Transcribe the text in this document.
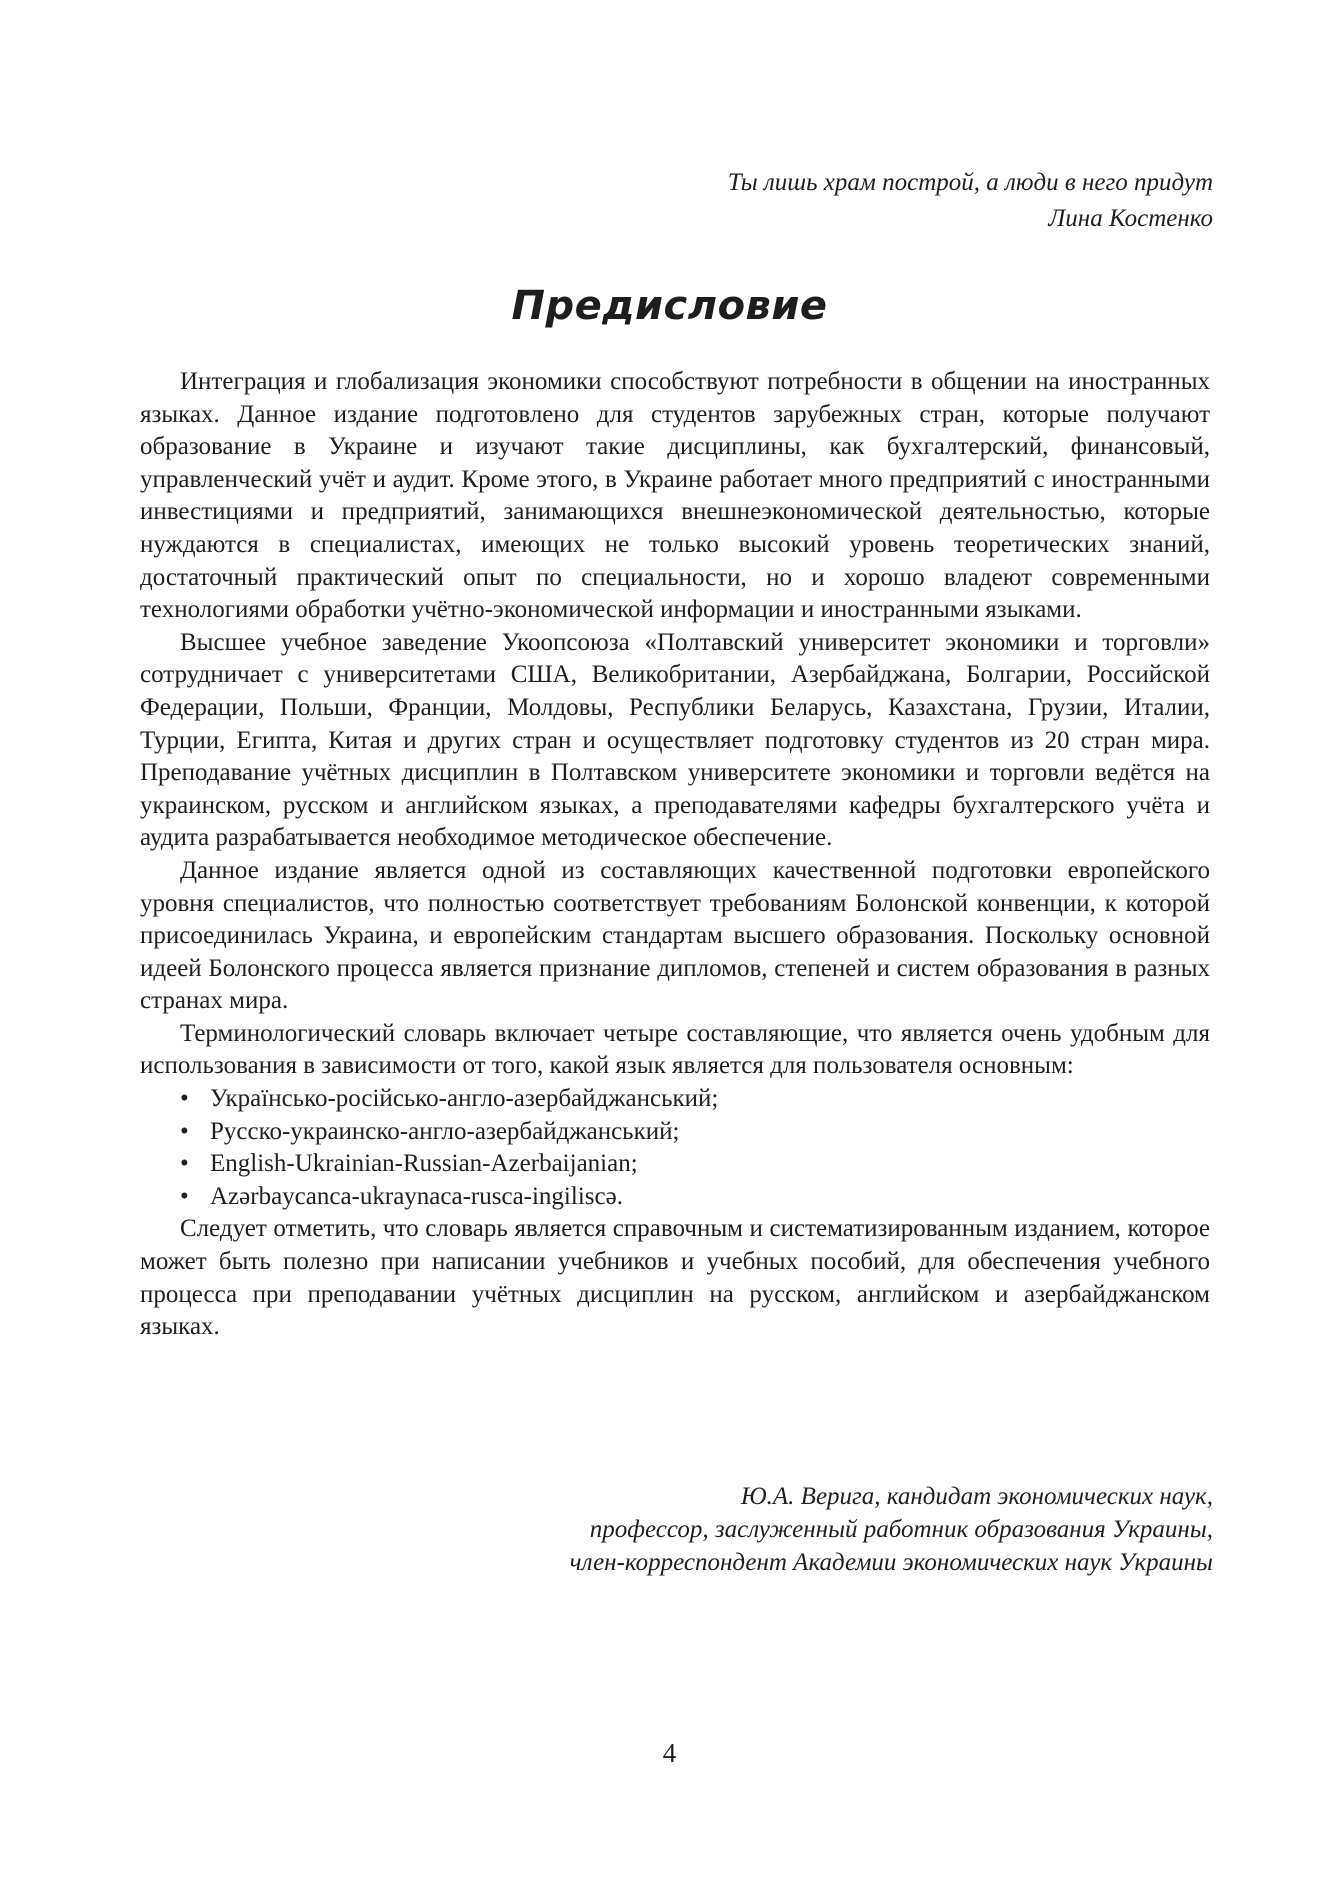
Ты лишь храм построй, а люди в него придут
Лина Костенко
Предисловие

Интеграция и глобализация экономики способствуют потребности в общении на иностранных языках. Данное издание подготовлено для студентов зарубежных стран, которые получают образование в Украине и изучают такие дисциплины, как бухгалтерский, финансовый, управленческий учёт и аудит. Кроме этого, в Украине работает много предприятий с иностранными инвестициями и предприятий, занимающихся внешнеэкономической деятельностью, которые нуждаются в специалистах, имеющих не только высокий уровень теоретических знаний, достаточный практический опыт по специальности, но и хорошо владеют современными технологиями обработки учётно-экономической информации и иностранными языками.

Высшее учебное заведение Укоопсоюза «Полтавский университет экономики и торговли» сотрудничает с университетами США, Великобритании, Азербайджана, Болгарии, Российской Федерации, Польши, Франции, Молдовы, Республики Беларусь, Казахстана, Грузии, Италии, Турции, Египта, Китая и других стран и осуществляет подготовку студентов из 20 стран мира. Преподавание учётных дисциплин в Полтавском университете экономики и торговли ведётся на украинском, русском и английском языках, а преподавателями кафедры бухгалтерского учёта и аудита разрабатывается необходимое методическое обеспечение.

Данное издание является одной из составляющих качественной подготовки европейского уровня специалистов, что полностью соответствует требованиям Болонской конвенции, к которой присоединилась Украина, и европейским стандартам высшего образования. Поскольку основной идеей Болонского процесса является признание дипломов, степеней и систем образования в разных странах мира.

Терминологический словарь включает четыре составляющие, что является очень удобным для использования в зависимости от того, какой язык является для пользователя основным:

• Українсько-російсько-англо-азербайджанський;
• Русско-украинско-англо-азербайджанський;
• English-Ukrainian-Russian-Azerbaijanian;
• Azərbaycanca-ukraynaca-rusca-ingiliscə.

Следует отметить, что словарь является справочным и систематизированным изданием, которое может быть полезно при написании учебников и учебных пособий, для обеспечения учебного процесса при преподавании учётных дисциплин на русском, английском и азербайджанском языках.

Ю.А. Верига, кандидат экономических наук,
профессор, заслуженный работник образования Украины,
член-корреспондент Академии экономических наук Украины
4
